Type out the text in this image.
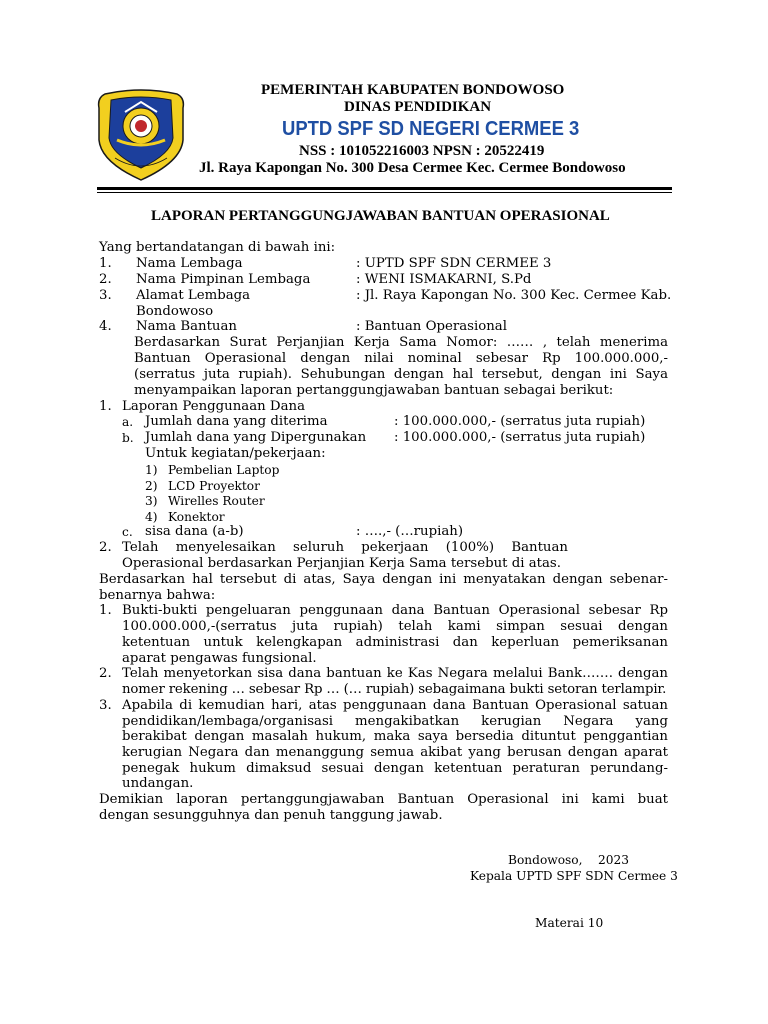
PEMERINTAH KABUPATEN BONDOWOSO
DINAS PENDIDIKAN
UPTD SPF SD NEGERI CERMEE 3
NSS : 101052216003 NPSN : 20522419
Jl. Raya Kapongan No. 300 Desa Cermee Kec. Cermee Bondowoso
LAPORAN PERTANGGUNGJAWABAN BANTUAN OPERASIONAL
Yang bertandatangan di bawah ini:
1. Nama Lembaga	: UPTD SPF SDN CERMEE 3
2. Nama Pimpinan Lembaga	: WENI ISMAKARNI, S.Pd
3. Alamat Lembaga	: Jl. Raya Kapongan No. 300 Kec. Cermee Kab.
Bondowoso
4. Nama Bantuan	: Bantuan Operasional
Berdasarkan Surat Perjanjian Kerja Sama Nomor: …… , telah menerima
Bantuan Operasional dengan nilai nominal sebesar Rp 100.000.000,-
(serratus juta rupiah). Sehubungan dengan hal tersebut, dengan ini Saya
menyampaikan laporan pertanggungjawaban bantuan sebagai berikut:
1. Laporan Penggunaan Dana
a. Jumlah dana yang diterima	: 100.000.000,- (serratus juta rupiah)
b. Jumlah dana yang Dipergunakan : 100.000.000,- (serratus juta rupiah)
Untuk kegiatan/pekerjaan:
1) Pembelian Laptop
2) LCD Proyektor
3) Wirelles Router
4) Konektor
c. sisa dana (a-b)	: ….,- (…rupiah)
2. Telah menyelesaikan seluruh pekerjaan (100%) Bantuan
Operasional berdasarkan Perjanjian Kerja Sama tersebut di atas.
Berdasarkan hal tersebut di atas, Saya dengan ini menyatakan dengan sebenar-
benarnya bahwa:
1. Bukti-bukti pengeluaran penggunaan dana Bantuan Operasional sebesar Rp
100.000.000,-(serratus juta rupiah) telah kami simpan sesuai dengan
ketentuan untuk kelengkapan administrasi dan keperluan pemeriksanan
aparat pengawas fungsional.
2. Telah menyetorkan sisa dana bantuan ke Kas Negara melalui Bank……. dengan
nomer rekening … sebesar Rp … (… rupiah) sebagaimana bukti setoran terlampir.
3. Apabila di kemudian hari, atas penggunaan dana Bantuan Operasional satuan
pendidikan/lembaga/organisasi mengakibatkan kerugian Negara yang
berakibat dengan masalah hukum, maka saya bersedia dituntut penggantian
kerugian Negara dan menanggung semua akibat yang berusan dengan aparat
penegak hukum dimaksud sesuai dengan ketentuan peraturan perundang-
undangan.
Demikian laporan pertanggungjawaban Bantuan Operasional ini kami buat
dengan sesungguhnya dan penuh tanggung jawab.
Bondowoso,    2023
Kepala UPTD SPF SDN Cermee 3
Materai 10
